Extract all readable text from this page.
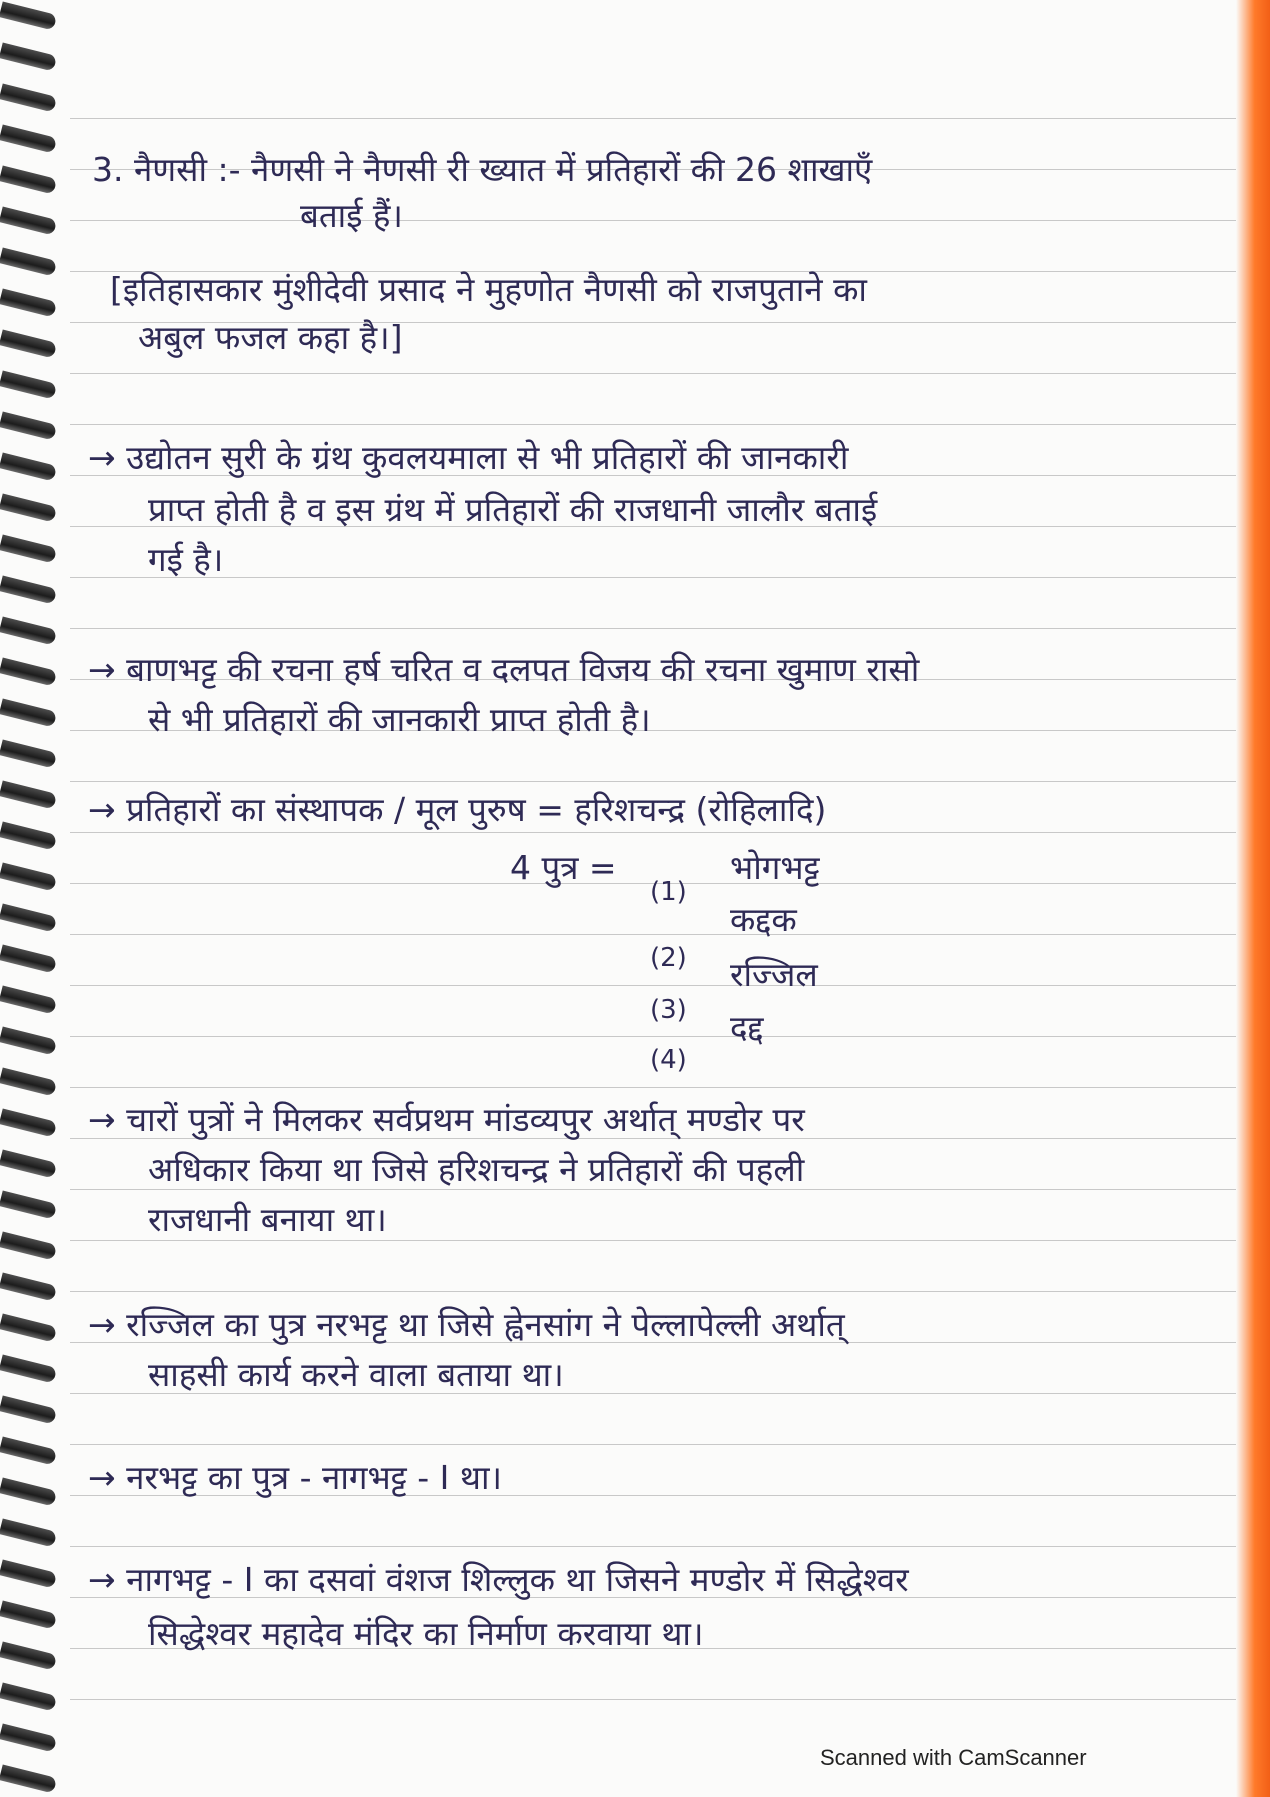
3. नैणसी :- नैणसी ने नैणसी री ख्यात में प्रतिहारों की 26 शाखाएँ
बताई हैं।
[इतिहासकार मुंशीदेवी प्रसाद ने मुहणोत नैणसी को राजपुताने का
अबुल फजल कहा है।]
→ उद्योतन सुरी के ग्रंथ कुवलयमाला से भी प्रतिहारों की जानकारी
प्राप्त होती है व इस ग्रंथ में प्रतिहारों की राजधानी जालौर बताई
गई है।
→ बाणभट्ट की रचना हर्ष चरित व दलपत विजय की रचना खुमाण रासो
से भी प्रतिहारों की जानकारी प्राप्त होती है।
→ प्रतिहारों का संस्थापक / मूल पुरुष = हरिशचन्द्र (रोहिलादि)
4 पुत्र =
(1)
भोगभट्ट
(2)
कद्दक
(3)
रज्जिल
(4)
दद्द
→ चारों पुत्रों ने मिलकर सर्वप्रथम मांडव्यपुर अर्थात् मण्डोर पर
अधिकार किया था जिसे हरिशचन्द्र ने प्रतिहारों की पहली
राजधानी बनाया था।
→ रज्जिल का पुत्र नरभट्ट था जिसे ह्वेनसांग ने पेल्लापेल्ली अर्थात्
साहसी कार्य करने वाला बताया था।
→ नरभट्ट का पुत्र - नागभट्ट - I था।
→ नागभट्ट - I का दसवां वंशज शिल्लुक था जिसने मण्डोर में सिद्धेश्वर
सिद्धेश्वर महादेव मंदिर का निर्माण करवाया था।
Scanned with CamScanner
